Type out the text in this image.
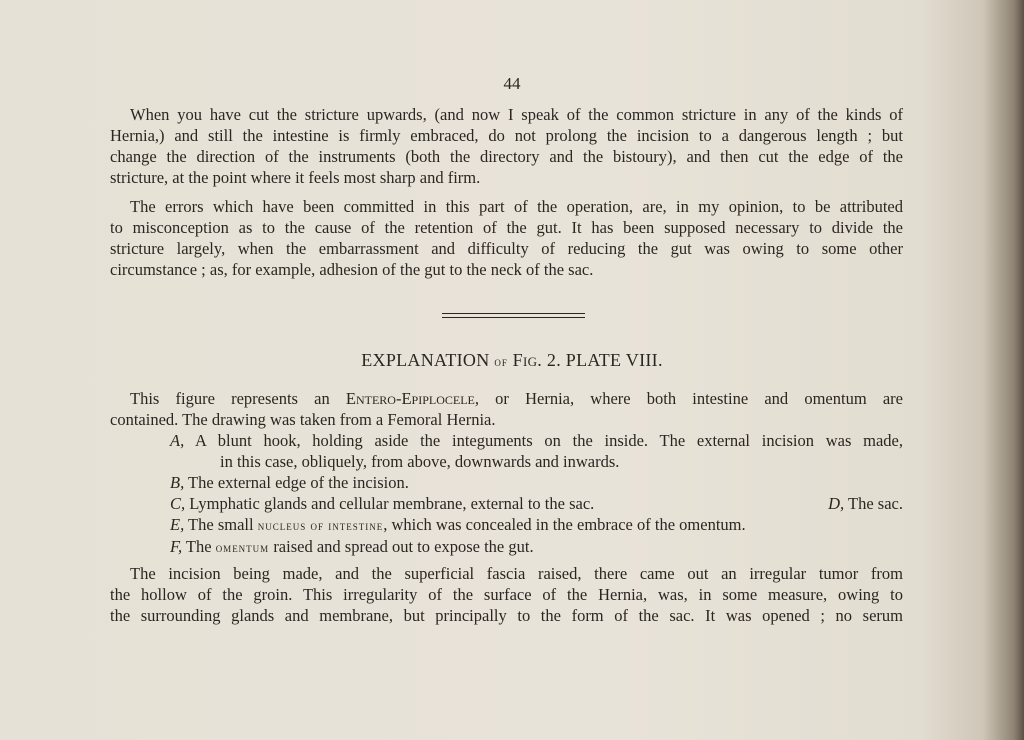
44
When you have cut the stricture upwards, (and now I speak of the common stricture in any of the kinds of
Hernia,) and still the intestine is firmly embraced, do not prolong the incision to a dangerous length ; but
change the direction of the instruments (both the directory and the bistoury), and then cut the edge of the
stricture, at the point where it feels most sharp and firm.
The errors which have been committed in this part of the operation, are, in my opinion, to be attributed
to misconception as to the cause of the retention of the gut. It has been supposed necessary to divide the
stricture largely, when the embarrassment and difficulty of reducing the gut was owing to some other
circumstance ; as, for example, adhesion of the gut to the neck of the sac.
EXPLANATION of Fig. 2. PLATE VIII.
This figure represents an Entero-Epiplocele, or Hernia, where both intestine and omentum are
contained. The drawing was taken from a Femoral Hernia.
A, A blunt hook, holding aside the integuments on the inside. The external incision was made,
in this case, obliquely, from above, downwards and inwards.
B, The external edge of the incision.
C, Lymphatic glands and cellular membrane, external to the sac.	D, The sac.
E, The small nucleus of intestine, which was concealed in the embrace of the omentum.
F, The omentum raised and spread out to expose the gut.
The incision being made, and the superficial fascia raised, there came out an irregular tumor from
the hollow of the groin. This irregularity of the surface of the Hernia, was, in some measure, owing to
the surrounding glands and membrane, but principally to the form of the sac. It was opened ; no serum
